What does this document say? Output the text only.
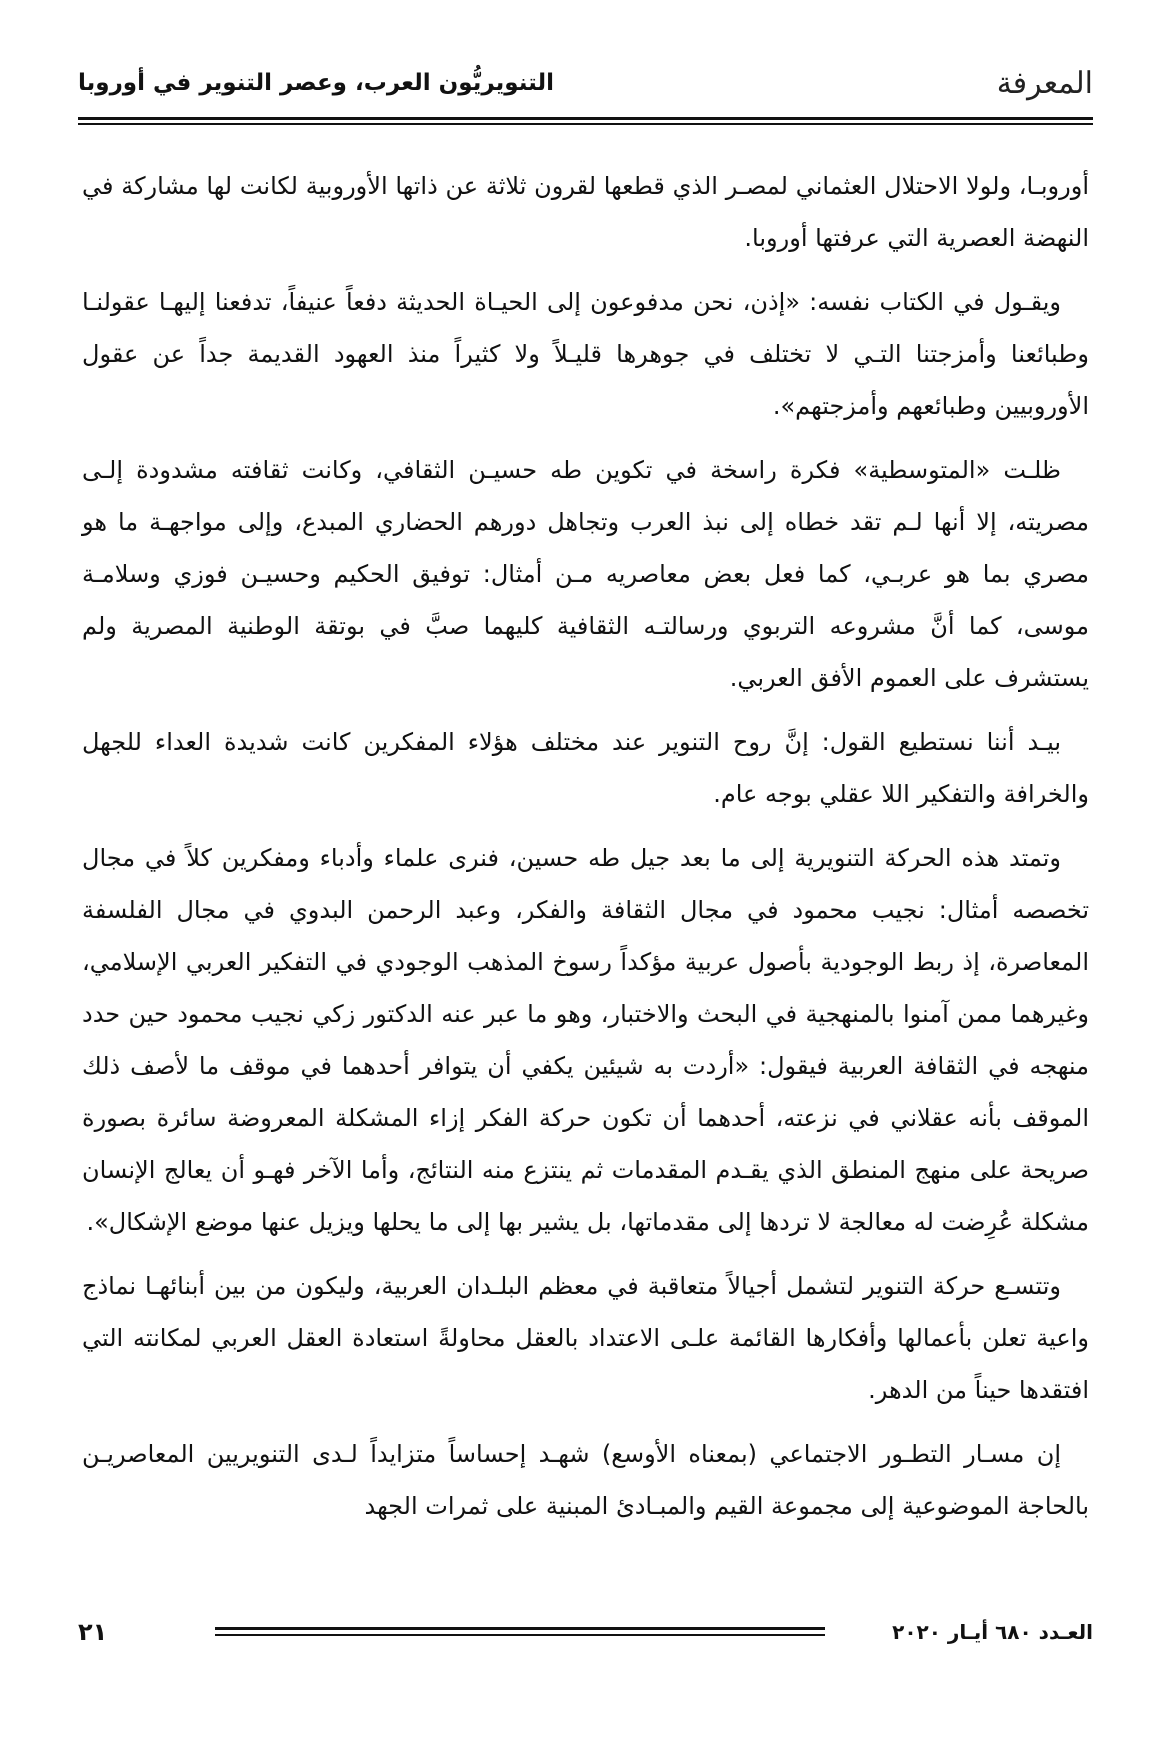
المعرفة
التنويريُّون العرب، وعصر التنوير في أوروبا

أوروبـا، ولولا الاحتلال العثماني لمصـر الذي قطعها لقرون ثلاثة عن ذاتها الأوروبية لكانت لها مشاركة في النهضة العصرية التي عرفتها أوروبا.

ويقـول في الكتاب نفسه: «إذن، نحن مدفوعون إلى الحيـاة الحديثة دفعاً عنيفاً، تدفعنا إليهـا عقولنـا وطبائعنا وأمزجتنا التـي لا تختلف في جوهرها قليـلاً ولا كثيراً منذ العهود القديمة جداً عن عقول الأوروبيين وطبائعهم وأمزجتهم».

ظلـت «المتوسطية» فكرة راسخة في تكوين طه حسيـن الثقافي، وكانت ثقافته مشدودة إلـى مصريته، إلا أنها لـم تقد خطاه إلى نبذ العرب وتجاهل دورهم الحضاري المبدع، وإلى مواجهـة ما هو مصري بما هو عربـي، كما فعل بعض معاصريه مـن أمثال: توفيق الحكيم وحسيـن فوزي وسلامـة موسى، كما أنَّ مشروعه التربوي ورسالتـه الثقافية كليهما صبَّ في بوتقة الوطنية المصرية ولم يستشرف على العموم الأفق العربي.

بيـد أننا نستطيع القول: إنَّ روح التنوير عند مختلف هؤلاء المفكرين كانت شديدة العداء للجهل والخرافة والتفكير اللا عقلي بوجه عام.

وتمتد هذه الحركة التنويرية إلى ما بعد جيل طه حسين، فنرى علماء وأدباء ومفكرين كلاً في مجال تخصصه أمثال: نجيب محمود في مجال الثقافة والفكر، وعبد الرحمن البدوي في مجال الفلسفة المعاصرة، إذ ربط الوجودية بأصول عربية مؤكداً رسوخ المذهب الوجودي في التفكير العربي الإسلامي، وغيرهما ممن آمنوا بالمنهجية في البحث والاختبار، وهو ما عبر عنه الدكتور زكي نجيب محمود حين حدد منهجه في الثقافة العربية فيقول: «أردت به شيئين يكفي أن يتوافر أحدهما في موقف ما لأصف ذلك الموقف بأنه عقلاني في نزعته، أحدهما أن تكون حركة الفكر إزاء المشكلة المعروضة سائرة بصورة صريحة على منهج المنطق الذي يقـدم المقدمات ثم ينتزع منه النتائج، وأما الآخر فهـو أن يعالج الإنسان مشكلة عُرِضت له معالجة لا تردها إلى مقدماتها، بل يشير بها إلى ما يحلها ويزيل عنها موضع الإشكال».

وتتسـع حركة التنوير لتشمل أجيالاً متعاقبة في معظم البلـدان العربية، وليكون من بين أبنائهـا نماذج واعية تعلن بأعمالها وأفكارها القائمة علـى الاعتداد بالعقل محاولةً استعادة العقل العربي لمكانته التي افتقدها حيناً من الدهر.

إن مسـار التطـور الاجتماعي (بمعناه الأوسع) شهـد إحساساً متزايداً لـدى التنويريين المعاصريـن بالحاجة الموضوعية إلى مجموعة القيم والمبـادئ المبنية على ثمرات الجهد

العـدد ٦٨٠ أيـار ٢٠٢٠
٢١
